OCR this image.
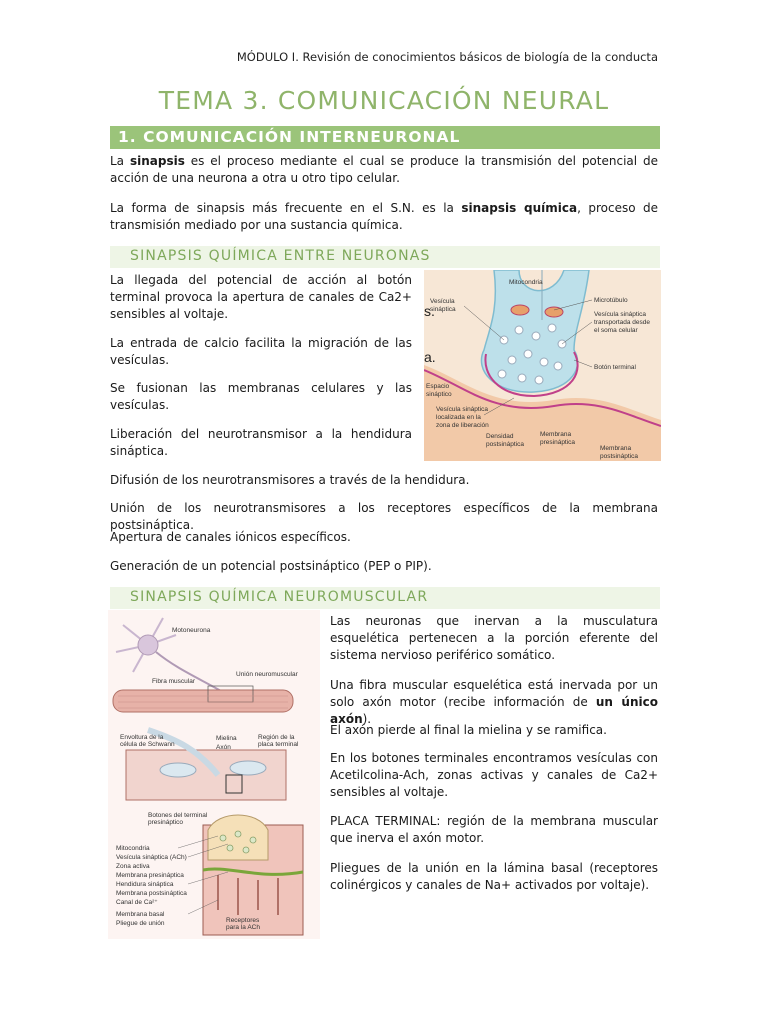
MÓDULO I. Revisión de conocimientos básicos de biología de la conducta
TEMA 3. COMUNICACIÓN NEURAL
1. COMUNICACIÓN INTERNEURONAL

La sinapsis es el proceso mediante el cual se produce la transmisión del potencial de acción de una neurona a otra u otro tipo celular.

La forma de sinapsis más frecuente en el S.N. es la sinapsis química, proceso de transmisión mediado por una sustancia química.

SINAPSIS QUÍMICA ENTRE NEURONAS

La llegada del potencial de acción al botón terminal provoca la apertura de canales de Ca2+ sensibles al voltaje.

La entrada de calcio facilita la migración de las vesículas.

Se fusionan las membranas celulares y las vesículas.

Liberación del neurotransmisor a la hendidura sináptica.

Difusión de los neurotransmisores a través de la hendidura.

Unión de los neurotransmisores a los receptores específicos de la membrana postsináptica.

Apertura de canales iónicos específicos.

Generación de un potencial postsináptico (PEP o PIP).

Mitocondria
Vesícula
sináptica
Microtúbulo
Vesícula sináptica
transportada desde
el soma celular
Botón terminal
Espacio
sináptico
Vesícula sináptica
localizada en la
zona de liberación
Densidad
postsináptica
Membrana
presináptica
Membrana
postsináptica
s.
a.
SINAPSIS QUÍMICA NEUROMUSCULAR
Motoneurona
Unión neuromuscular
Fibra muscular
Envoltura de la
célula de Schwann
Mielina
Axón
Región de la
placa terminal
Botones del terminal
presináptico
Mitocondria
Vesícula sináptica (ACh)
Zona activa
Membrana presináptica
Hendidura sináptica
Membrana postsináptica
Canal de Ca²⁺
Membrana basal
Pliegue de unión	Receptores
para la ACh

Las neuronas que inervan a la musculatura esquelética pertenecen a la porción eferente del sistema nervioso periférico somático.

Una fibra muscular esquelética está inervada por un solo axón motor (recibe información de un único axón).

El axón pierde al final la mielina y se ramifica.

En los botones terminales encontramos vesículas con Acetilcolina-Ach, zonas activas y canales de Ca2+ sensibles al voltaje.

PLACA TERMINAL: región de la membrana muscular que inerva el axón motor.

Pliegues de la unión en la lámina basal (receptores colinérgicos y canales de Na+ activados por voltaje).
